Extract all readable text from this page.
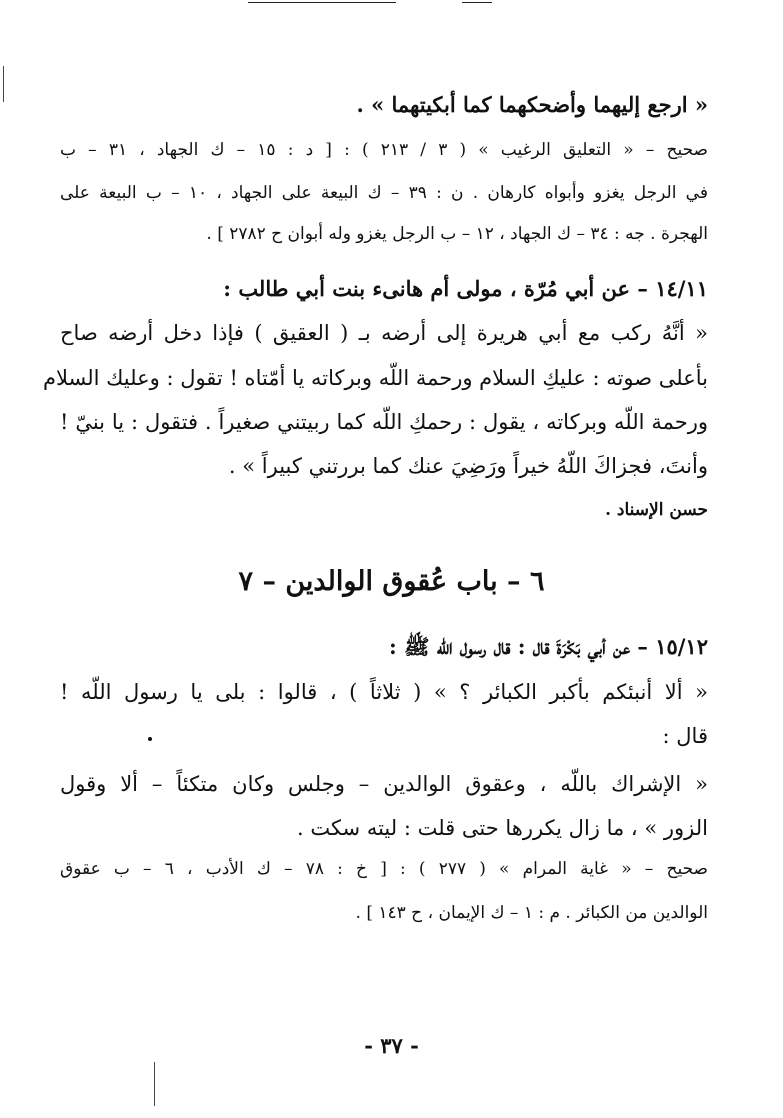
« ارجع إليهما وأضحكهما كما أبكيتهما » .
صحيح – « التعليق الرغيب » ( ٣ / ٢١٣ ) : [ د : ١٥ – ك الجهاد ، ٣١ – ب
في الرجل يغزو وأبواه كارهان . ن : ٣٩ – ك البيعة على الجهاد ، ١٠ – ب البيعة على
الهجرة . جه : ٣٤ – ك الجهاد ، ١٢ – ب الرجل يغزو وله أبوان ح ٢٧٨٢ ] .
١٤/١١ – عن أبي مُرّة ، مولى أم هانىء بنت أبي طالب :
« أنَّهُ ركب مع أبي هريرة إلى أرضه بـ ( العقيق ) فإذا دخل أرضه صاح
بأعلى صوته : عليكِ السلام ورحمة اللّه وبركاته يا أمّتاه ! تقول : وعليك السلام
ورحمة اللّه وبركاته ، يقول : رحمكِ اللّه كما ربيتني صغيراً . فتقول : يا بنيّ !
وأنتَ، فجزاكَ اللّهُ خيراً ورَضِيَ عنك كما بررتني كبيراً » .
حسن الإسناد .
٦ – باب عُقوق الوالدين – ٧
١٥/١٢ – عن أبي بَكْرَةَ قال : قال رسول اللّه ﷺ :
« ألا أنبئكم بأكبر الكبائر ؟ » ( ثلاثاً ) ، قالوا : بلى يا رسول اللّه !
قال :
« الإشراك باللّه ، وعقوق الوالدين – وجلس وكان متكئاً – ألا وقول
الزور » ، ما زال يكررها حتى قلت : ليته سكت .
صحيح – « غاية المرام » ( ٢٧٧ ) : [ خ : ٧٨ – ك الأدب ، ٦ – ب عقوق
الوالدين من الكبائر . م : ١ – ك الإيمان ، ح ١٤٣ ] .
- ٣٧ -
